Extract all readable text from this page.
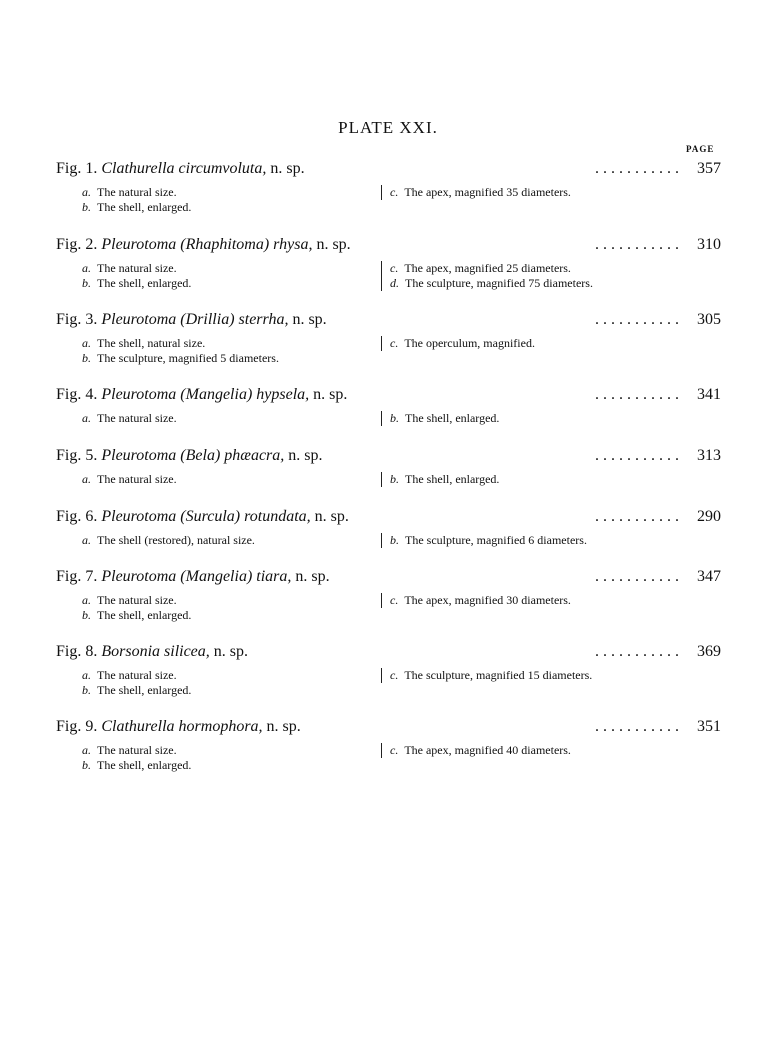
PLATE XXI.
PAGE
. . . . . . . . . . .
Fig. 1. Clathurella circumvoluta, n. sp.	357
a. The natural size.
b. The shell, enlarged.
c. The apex, magnified 35 diameters.
. . . . . . . . . . .
Fig. 2. Pleurotoma (Rhaphitoma) rhysa, n. sp.	310
a. The natural size.
b. The shell, enlarged.
c. The apex, magnified 25 diameters.
d. The sculpture, magnified 75 diameters.
. . . . . . . . . . .
Fig. 3. Pleurotoma (Drillia) sterrha, n. sp.	305
a. The shell, natural size.
b. The sculpture, magnified 5 diameters.
c. The operculum, magnified.
. . . . . . . . . . .
Fig. 4. Pleurotoma (Mangelia) hypsela, n. sp.	341
a. The natural size.	b. The shell, enlarged.
. . . . . . . . . . .
Fig. 5. Pleurotoma (Bela) phæacra, n. sp.	313
a. The natural size.	b. The shell, enlarged.
. . . . . . . . . . .
Fig. 6. Pleurotoma (Surcula) rotundata, n. sp.	290
a. The shell (restored), natural size.	b. The sculpture, magnified 6 diameters.
. . . . . . . . . . .
Fig. 7. Pleurotoma (Mangelia) tiara, n. sp.	347
a. The natural size.
b. The shell, enlarged.
c. The apex, magnified 30 diameters.
. . . . . . . . . . .
Fig. 8. Borsonia silicea, n. sp.	369
a. The natural size.
b. The shell, enlarged.
c. The sculpture, magnified 15 diameters.
. . . . . . . . . . .
Fig. 9. Clathurella hormophora, n. sp.	351
a. The natural size.
b. The shell, enlarged.
c. The apex, magnified 40 diameters.
